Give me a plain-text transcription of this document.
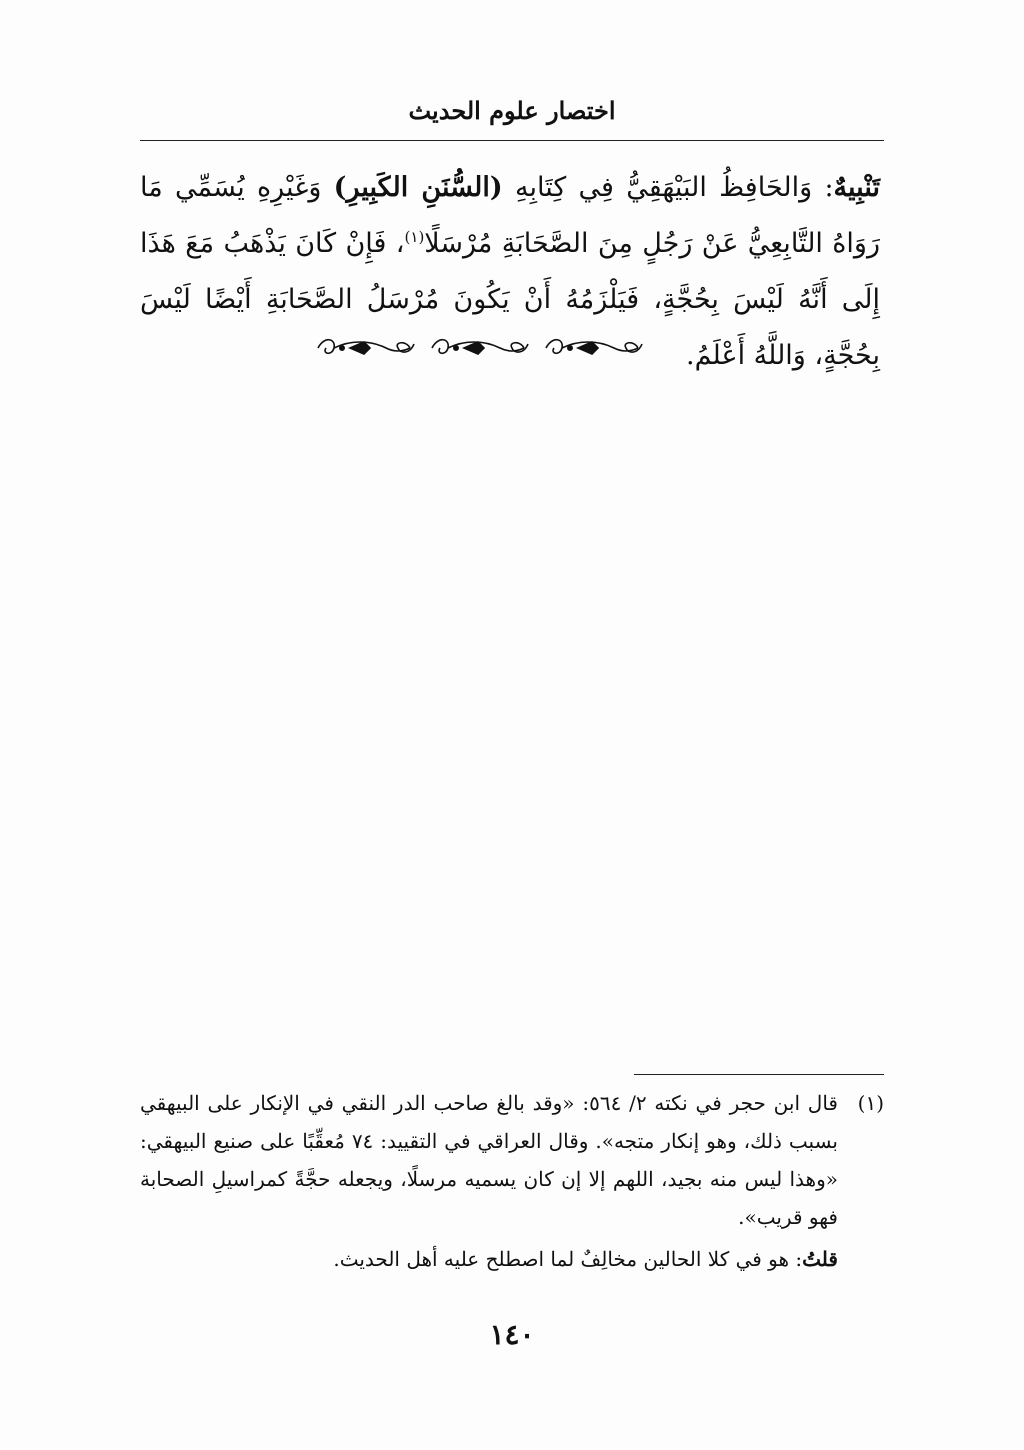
اختصار علوم الحديث
تَنْبِيهٌ: وَالحَافِظُ البَيْهَقِيُّ فِي كِتَابِهِ (السُّنَنِ الكَبِيرِ) وَغَيْرِهِ يُسَمِّي مَا رَوَاهُ التَّابِعِيُّ عَنْ رَجُلٍ مِنَ الصَّحَابَةِ مُرْسَلًا$^{(١)}$، فَإِنْ كَانَ يَذْهَبُ مَعَ هَذَا إِلَى أَنَّهُ لَيْسَ بِحُجَّةٍ، فَيَلْزَمُهُ أَنْ يَكُونَ مُرْسَلُ الصَّحَابَةِ أَيْضًا لَيْسَ بِحُجَّةٍ، وَاللَّهُ أَعْلَمُ.
(١)
قال ابن حجر في نكته ٢/ ٥٦٤: «وقد بالغ صاحب الدر النقي في الإنكار على البيهقي بسبب ذلك، وهو إنكار متجه». وقال العراقي في التقييد: ٧٤ مُعقِّبًا على صنيع البيهقي: «وهذا ليس منه بجيد، اللهم إلا إن كان يسميه مرسلًا، ويجعله حجَّةً كمراسيلِ الصحابة فهو قريب».
قلتُ: هو في كلا الحالين مخالِفٌ لما اصطلح عليه أهل الحديث.
١٤٠
